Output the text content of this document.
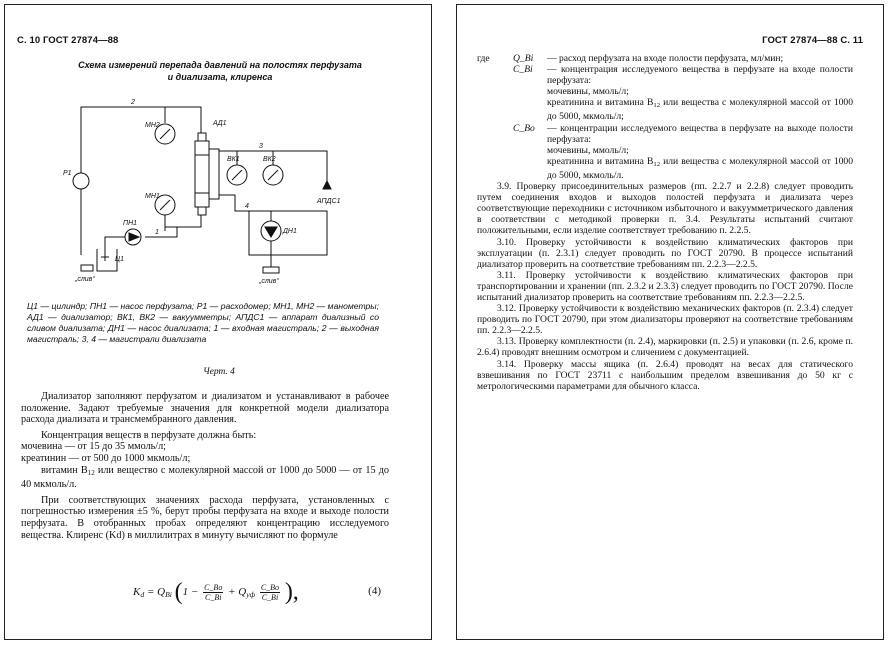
С. 10 ГОСТ 27874—88
Схема измерений перепада давлений на полостях перфузата
и диализата, клиренса
2
3
1
4
МН2	АД1
ВК1	ВК2
Р1
МН1
ПН1
Ц1
АПДС1
ДН1
„слив“	„слив“
Ц1 — цилиндр; ПН1 — насос перфузата; Р1 — расходомер; МН1, МН2 — манометры; АД1 — диализатор; ВК1, ВК2 — вакуумметры; АПДС1 — аппарат диализный со сливом диализата; ДН1 — насос диализата; 1 — входная магистраль; 2 — выходная магистраль; 3, 4 — магистрали диализата
Черт. 4

Диализатор заполняют перфузатом и диализатом и устанавливают в рабочее положение. Задают требуемые значения для конкретной модели диализатора расхода диализата и трансмембранного давления.

Концентрация веществ в перфузате должна быть:

мочевина — от 15 до 35 ммоль/л;

креатинин — от 500 до 1000 мкмоль/л;

витамин $B_{12}$ или вещество с молекулярной массой от 1000 до 5000 — от 15 до 40 мкмоль/л.

При соответствующих значениях расхода перфузата, установленных с погрешностью измерения ±5 %, берут пробы перфузата на входе и выходе полости перфузата. В отобранных пробах определяют концентрацию исследуемого вещества. Клиренс (Kd) в миллилитрах в минуту вычисляют по формуле

$K_d = Q_{Bi}$ ($1 - \frac{C\_Bo}{C\_Bi} + Q_{уф} \frac{C\_Bo}{C\_Bi}$ ),	(4)
ГОСТ 27874—88 С. 11
где Q_Bi — расход перфузата на входе полости перфузата, мл/мин;
C_Bi — концентрация исследуемого вещества в перфузате на входе полости перфузата:
мочевины, ммоль/л;
креатинина и витамина $B_{12}$ или вещества с молекулярной массой от 1000 до 5000, мкмоль/л;
C_Bo — концентрации исследуемого вещества в перфузате на выходе полости перфузата:
мочевины, ммоль/л;
креатинина и витамина $B_{12}$ или вещества с молекулярной массой от 1000 до 5000, мкмоль/л.

3.9. Проверку присоединительных размеров (пп. 2.2.7 и 2.2.8) следует проводить путем соединения входов и выходов полостей перфузата и диализата через соответствующие переходники с источником избыточного и вакуумметрического давления в соответствии с методикой проверки п. 3.4. Результаты испытаний считают положительными, если изделие соответствует требованию п. 2.2.5.

3.10. Проверку устойчивости к воздействию климатических факторов при эксплуатации (п. 2.3.1) следует проводить по ГОСТ 20790. В процессе испытаний диализатор проверить на соответствие требованиям пп. 2.2.3—2.2.5.

3.11. Проверку устойчивости к воздействию климатических факторов при транспортировании и хранении (пп. 2.3.2 и 2.3.3) следует проводить по ГОСТ 20790. После испытаний диализатор проверить на соответствие требованиям пп. 2.2.3—2.2.5.

3.12. Проверку устойчивости к воздействию механических факторов (п. 2.3.4) следует проводить по ГОСТ 20790, при этом диализаторы проверяют на соответствие требованиям пп. 2.2.3—2.2.5.

3.13. Проверку комплектности (п. 2.4), маркировки (п. 2.5) и упаковки (п. 2.6, кроме п. 2.6.4) проводят внешним осмотром и сличением с документацией.

3.14. Проверку массы ящика (п. 2.6.4) проводят на весах для статического взвешивания по ГОСТ 23711 с наибольшим пределом взвешивания до 50 кг с метрологическими параметрами для обычного класса.
